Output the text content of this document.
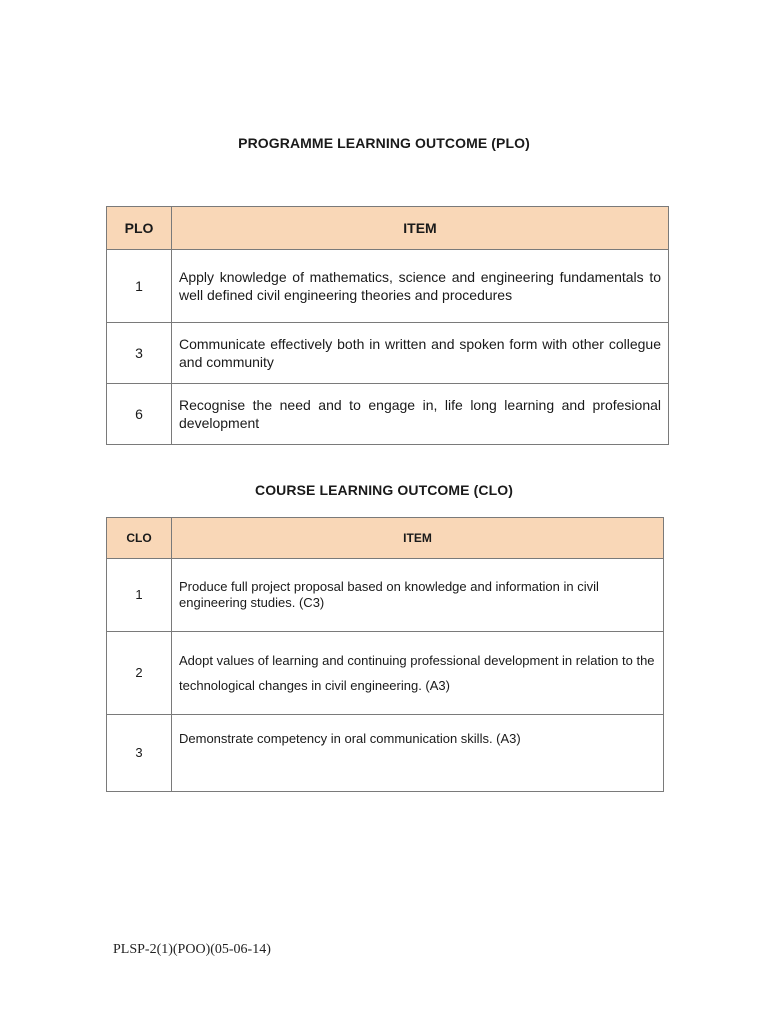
PROGRAMME LEARNING OUTCOME (PLO)
PLO	ITEM
1	Apply knowledge of mathematics, science and engineering fundamentals to well defined civil engineering theories and procedures
3	Communicate effectively both in written and spoken form with other collegue and community
6	Recognise the need and to engage in, life long learning and profesional development
COURSE LEARNING OUTCOME (CLO)
CLO	ITEM
1	Produce full project proposal based on knowledge and information in civil engineering studies. (C3)
2	Adopt values of learning and continuing professional development in relation to the technological changes in civil engineering. (A3)
3	Demonstrate competency in oral communication skills. (A3)
PLSP-2(1)(POO)(05-06-14)
